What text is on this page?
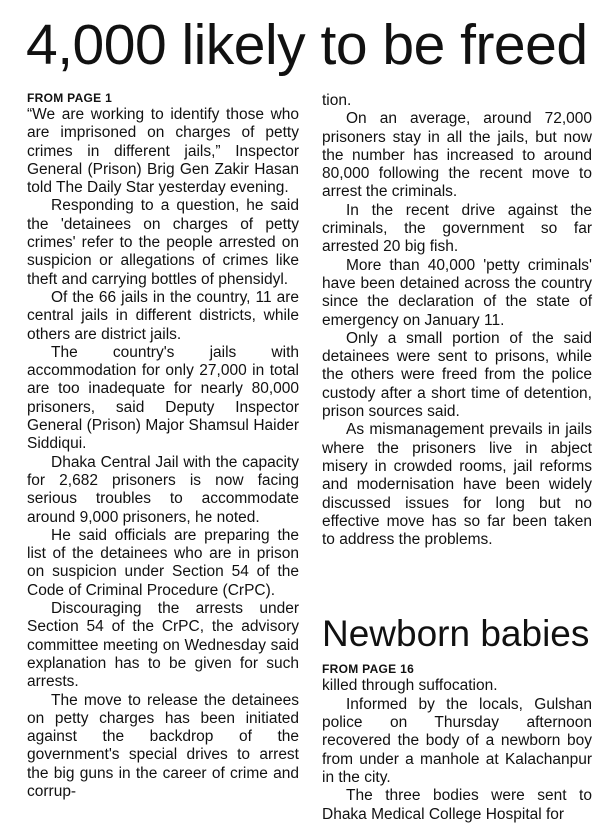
4,000 likely to be freed
FROM PAGE 1

“We are working to identify those who are imprisoned on charges of petty crimes in different jails,” Inspector General (Prison) Brig Gen Zakir Hasan told The Daily Star yesterday evening.

Responding to a question, he said the 'detainees on charges of petty crimes' refer to the people arrested on suspicion or allegations of crimes like theft and carrying bottles of phensidyl.

Of the 66 jails in the country, 11 are central jails in different districts, while others are district jails.

The country's jails with accommodation for only 27,000 in total are too inadequate for nearly 80,000 prisoners, said Deputy Inspector General (Prison) Major Shamsul Haider Siddiqui.

Dhaka Central Jail with the capacity for 2,682 prisoners is now facing serious troubles to accommodate around 9,000 prisoners, he noted.

He said officials are preparing the list of the detainees who are in prison on suspicion under Section 54 of the Code of Criminal Procedure (CrPC).

Discouraging the arrests under Section 54 of the CrPC, the advisory committee meeting on Wednesday said explanation has to be given for such arrests.

The move to release the detainees on petty charges has been initiated against the backdrop of the government's special drives to arrest the big guns in the career of crime and corrup-

tion.

On an average, around 72,000 prisoners stay in all the jails, but now the number has increased to around 80,000 following the recent move to arrest the criminals.

In the recent drive against the criminals, the government so far arrested 20 big fish.

More than 40,000 'petty criminals' have been detained across the country since the declaration of the state of emergency on January 11.

Only a small portion of the said detainees were sent to prisons, while the others were freed from the police custody after a short time of detention, prison sources said.

As mismanagement prevails in jails where the prisoners live in abject misery in crowded rooms, jail reforms and modernisation have been widely discussed issues for long but no effective move has so far been taken to address the problems.

Newborn babies
FROM PAGE 16

killed through suffocation.

Informed by the locals, Gulshan police on Thursday afternoon recovered the body of a newborn boy from under a manhole at Kalachanpur in the city.

The three bodies were sent to Dhaka Medical College Hospital for
